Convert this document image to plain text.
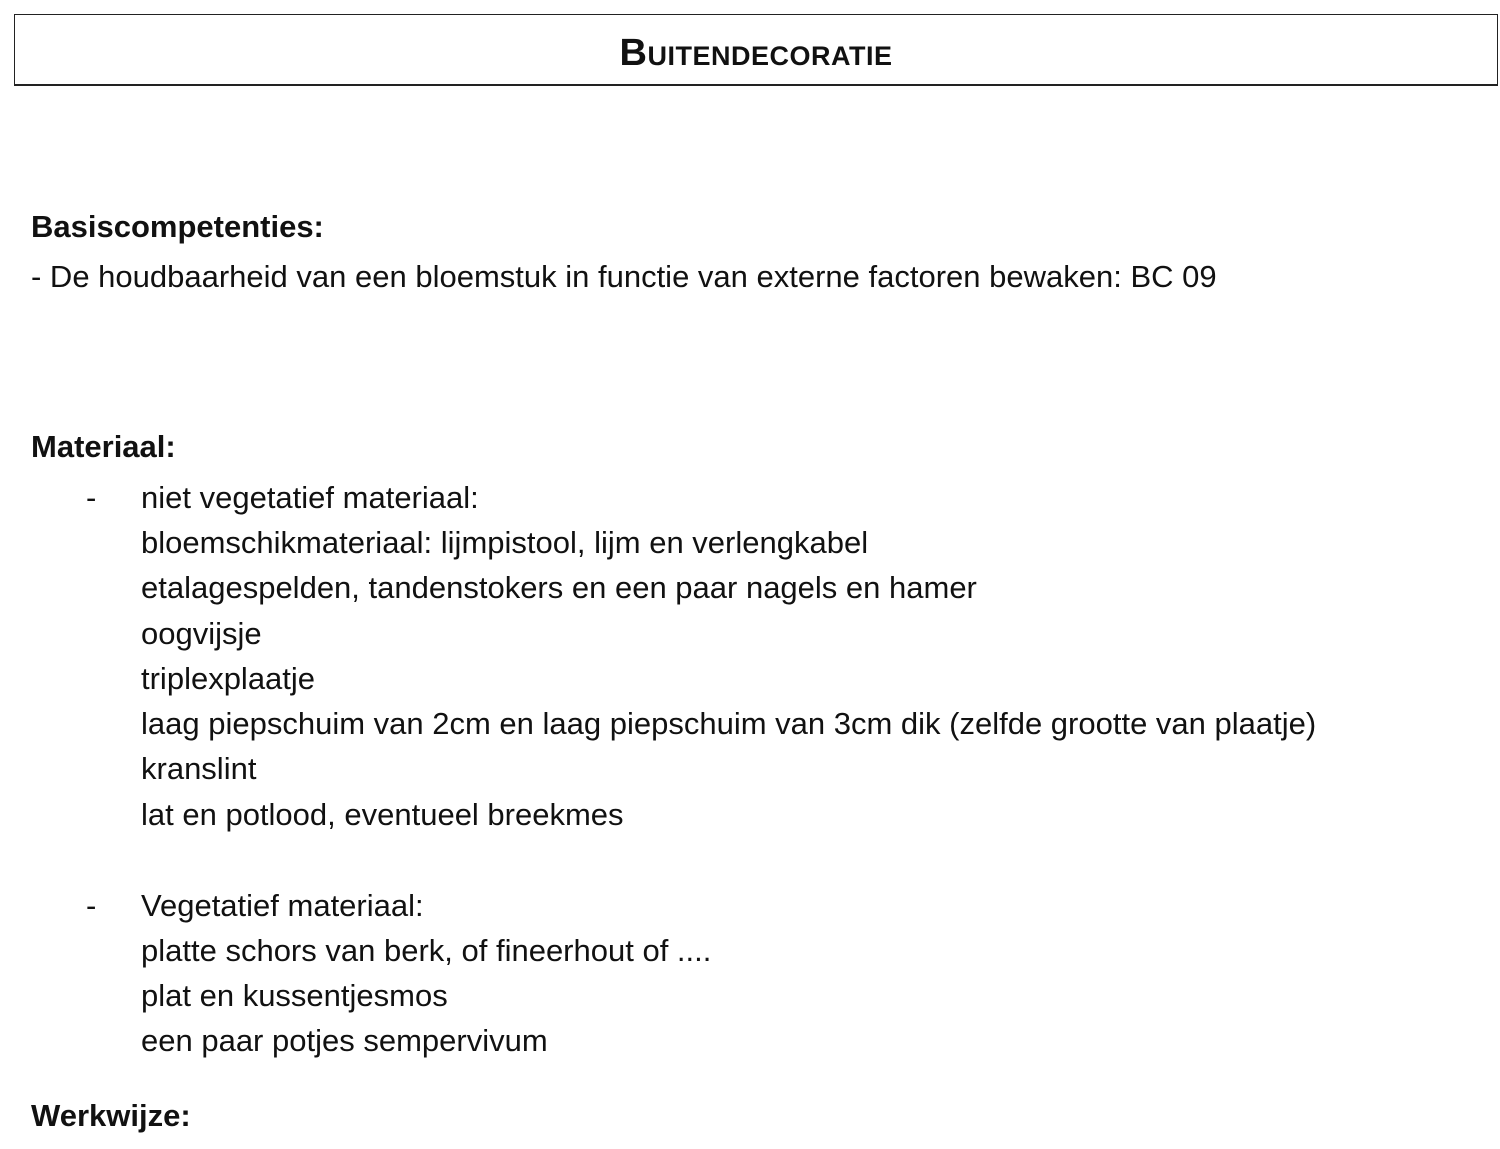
Buitendecoratie
Basiscompetenties:
- De houdbaarheid van een bloemstuk in functie van externe factoren bewaken: BC 09
Materiaal:
- niet vegetatief materiaal:
bloemschikmateriaal: lijmpistool, lijm en verlengkabel
etalagespelden, tandenstokers en een paar nagels en hamer
oogvijsje
triplexplaatje
laag piepschuim van 2cm en laag piepschuim van 3cm dik (zelfde grootte van plaatje)
kranslint
lat en potlood, eventueel breekmes
- Vegetatief materiaal:
platte schors van berk, of fineerhout of ....
plat en kussentjesmos
een paar potjes sempervivum
Werkwijze:
